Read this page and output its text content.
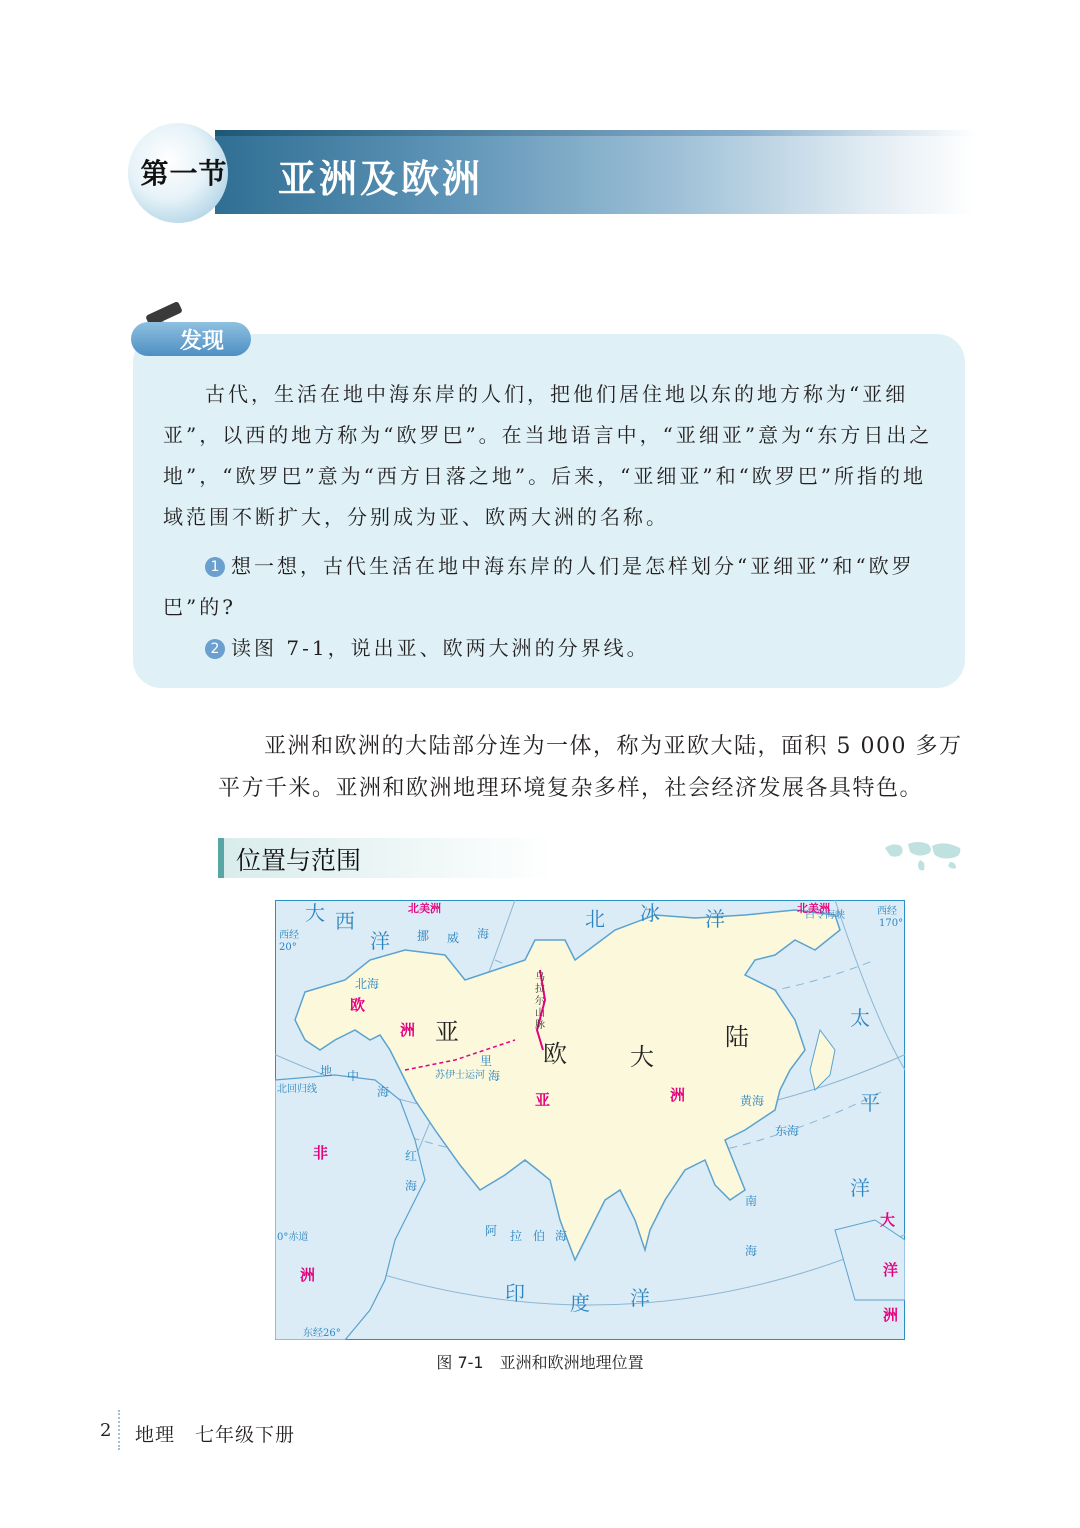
第一节 亚洲及欧洲
发现

古代，生活在地中海东岸的人们，把他们居住地以东的地方称为“亚细亚”，以西的地方称为“欧罗巴”。在当地语言中，“亚细亚”意为“东方日出之地”，“欧罗巴”意为“西方日落之地”。后来，“亚细亚”和“欧罗巴”所指的地域范围不断扩大，分别成为亚、欧两大洲的名称。

1 想一想，古代生活在地中海东岸的人们是怎样划分“亚细亚”和“欧罗巴”的?

2 读图 7-1，说出亚、欧两大洲的分界线。

亚洲和欧洲的大陆部分连为一体，称为亚欧大陆，面积 5 000 多万平方千米。亚洲和欧洲地理环境复杂多样，社会经济发展各具特色。

位置与范围
乌
拉
尔
山
脉
大 西
洋
北 冰 洋
太
平
洋
印 度 洋
亚
欧	大
陆
欧
洲
亚	洲
非
洲
大
洋
洲
北美洲	北美洲
挪 威 海
北海
地 中
海
红
海
阿 拉 伯 海
黄海
东海
南
海
里
海
西经
20°
西经
170°
0°赤道
北回归线
东经26°
苏伊士运河
白令海峡
图 7-1　亚洲和欧洲地理位置
2 地理　七年级下册
